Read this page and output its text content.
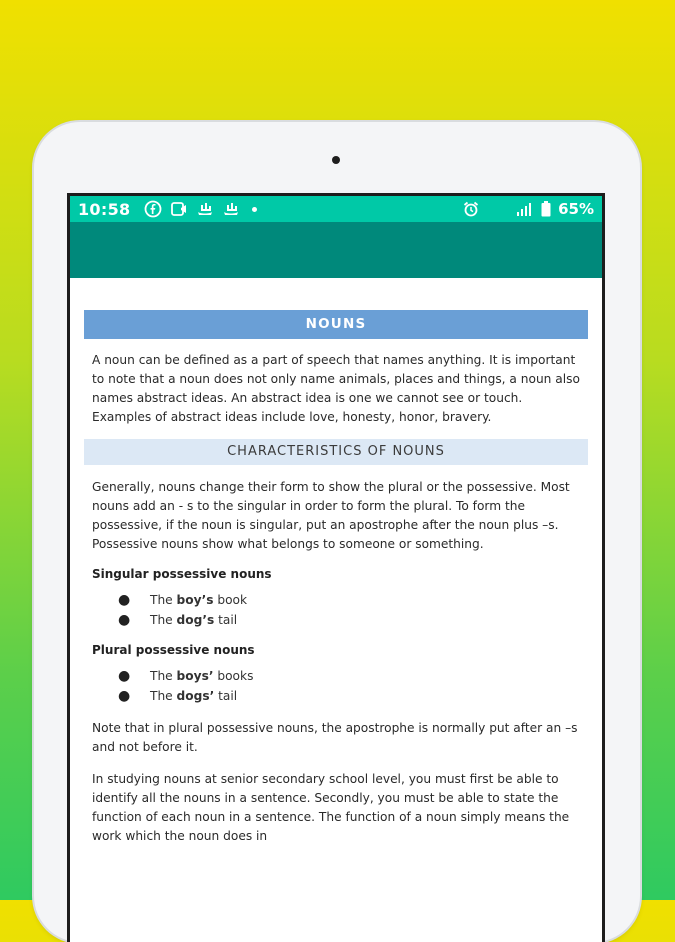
10:58	65%
NOUNS

A noun can be defined as a part of speech that names anything. It is important to note that a noun does not only name animals, places and things, a noun also names abstract ideas. An abstract idea is one we cannot see or touch. Examples of abstract ideas include love, honesty, honor, bravery.

CHARACTERISTICS OF NOUNS

Generally, nouns change their form to show the plural or the possessive. Most nouns add an - s to the singular in order to form the plural. To form the possessive, if the noun is singular, put an apostrophe after the noun plus –s. Possessive nouns show what belongs to someone or something.

Singular possessive nouns
● The boy’s book
● The dog’s tail
Plural possessive nouns
● The boys’ books
● The dogs’ tail

Note that in plural possessive nouns, the apostrophe is normally put after an –s and not before it.

In studying nouns at senior secondary school level, you must first be able to identify all the nouns in a sentence. Secondly, you must be able to state the function of each noun in a sentence. The function of a noun simply means the work which the noun does in
